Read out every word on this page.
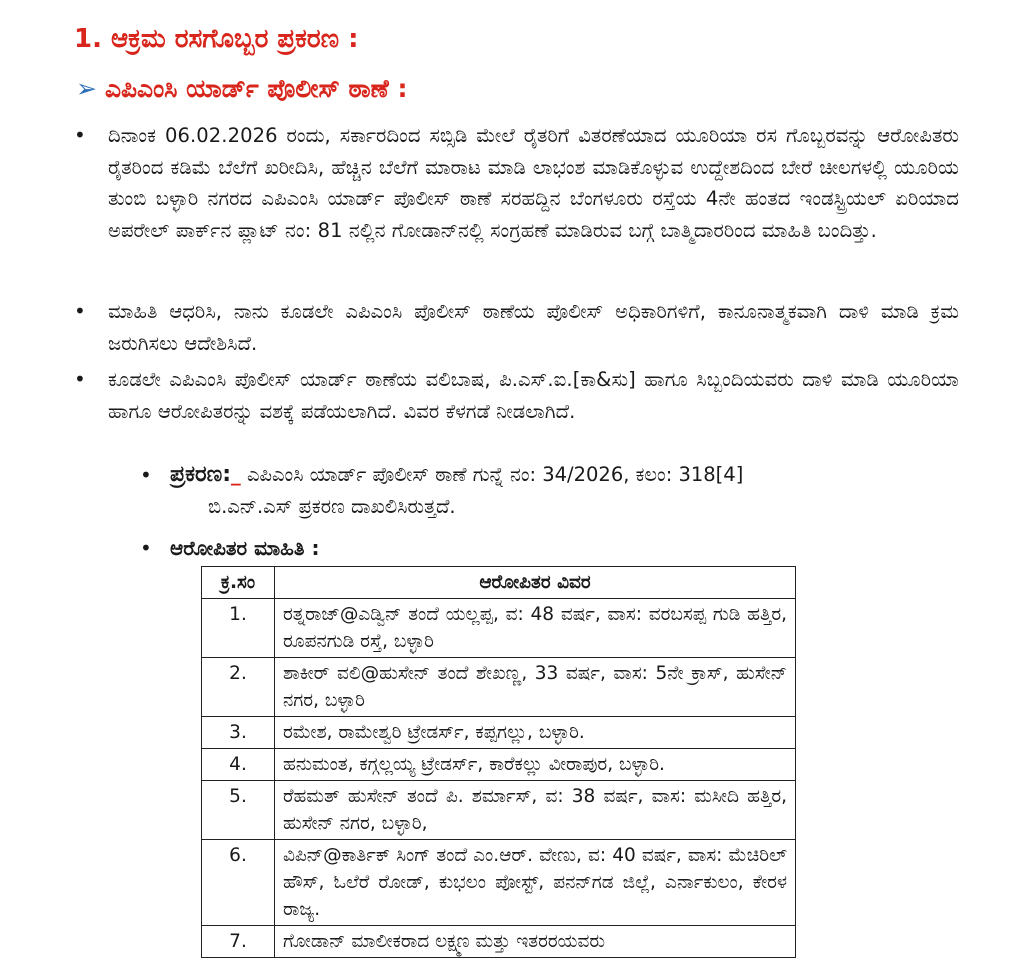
1. ಆಕ್ರಮ ರಸಗೊಬ್ಬರ ಪ್ರಕರಣ :
➢ ಎಪಿಎಂಸಿ ಯಾರ್ಡ್ ಪೊಲೀಸ್ ಠಾಣೆ :
• ದಿನಾಂಕ 06.02.2026 ರಂದು, ಸರ್ಕಾರದಿಂದ ಸಬ್ಸಿಡಿ ಮೇಲೆ ರೈತರಿಗೆ ವಿತರಣೆಯಾದ ಯೂರಿಯಾ ರಸ ಗೊಬ್ಬರವನ್ನು ಆರೋಪಿತರು ರೈತರಿಂದ ಕಡಿಮೆ ಬೆಲೆಗೆ ಖರೀದಿಸಿ, ಹೆಚ್ಚಿನ ಬೆಲೆಗೆ ಮಾರಾಟ ಮಾಡಿ ಲಾಭಂಶ ಮಾಡಿಕೊಳ್ಳುವ ಉದ್ದೇಶದಿಂದ ಬೇರೆ ಚೀಲಗಳಲ್ಲಿ ಯೂರಿಯ ತುಂಬಿ ಬಳ್ಳಾರಿ ನಗರದ ಎಪಿಎಂಸಿ ಯಾರ್ಡ್ ಪೊಲೀಸ್ ಠಾಣೆ ಸರಹದ್ದಿನ ಬೆಂಗಳೂರು ರಸ್ತೆಯ 4ನೇ ಹಂತದ ಇಂಡಸ್ಟ್ರಿಯಲ್ ಏರಿಯಾದ ಅಪರೇಲ್ ಪಾರ್ಕ್‌ನ ಪ್ಲಾಟ್ ನಂ: 81 ನಲ್ಲಿನ ಗೋಡಾನ್‌ನಲ್ಲಿ ಸಂಗ್ರಹಣೆ ಮಾಡಿರುವ ಬಗ್ಗೆ ಬಾತ್ಮಿದಾರರಿಂದ ಮಾಹಿತಿ ಬಂದಿತ್ತು.
• ಮಾಹಿತಿ ಆಧರಿಸಿ, ನಾನು ಕೂಡಲೇ ಎಪಿಎಂಸಿ ಪೊಲೀಸ್ ಠಾಣೆಯ ಪೊಲೀಸ್ ಅಧಿಕಾರಿಗಳಿಗೆ, ಕಾನೂನಾತ್ಮಕವಾಗಿ ದಾಳಿ ಮಾಡಿ ಕ್ರಮ ಜರುಗಿಸಲು ಆದೇಶಿಸಿದೆ.
• ಕೂಡಲೇ ಎಪಿಎಂಸಿ ಪೊಲೀಸ್ ಯಾರ್ಡ್ ಠಾಣೆಯ ವಲಿಬಾಷ, ಪಿ.ಎಸ್.ಐ.[ಕಾ&ಸು] ಹಾಗೂ ಸಿಬ್ಬಂದಿಯವರು ದಾಳಿ ಮಾಡಿ ಯೂರಿಯಾ ಹಾಗೂ ಆರೋಪಿತರನ್ನು ವಶಕ್ಕೆ ಪಡೆಯಲಾಗಿದೆ. ವಿವರ ಕೆಳಗಡೆ ನೀಡಲಾಗಿದೆ.
• ಪ್ರಕರಣ:_ ಎಪಿಎಂಸಿ ಯಾರ್ಡ್ ಪೊಲೀಸ್ ಠಾಣೆ ಗುನ್ನೆ ನಂ: 34/2026, ಕಲಂ: 318[4]
ಬಿ.ಎನ್.ಎಸ್ ಪ್ರಕರಣ ದಾಖಲಿಸಿರುತ್ತದೆ.
• ಆರೋಪಿತರ ಮಾಹಿತಿ :
ಕ್ರ.ಸಂ	ಆರೋಪಿತರ ವಿವರ
1.	ರತ್ನರಾಜ್@ಎಡ್ವಿನ್ ತಂದೆ ಯಲ್ಲಪ್ಪ, ವ: 48 ವರ್ಷ, ವಾಸ: ವರಬಸಪ್ಪ ಗುಡಿ ಹತ್ತಿರ, ರೂಪನಗುಡಿ ರಸ್ತೆ, ಬಳ್ಳಾರಿ
2.	ಶಾಕೀರ್ ವಲಿ@ಹುಸೇನ್ ತಂದೆ ಶೇಖಣ್ಣ, 33 ವರ್ಷ, ವಾಸ: 5ನೇ ಕ್ರಾಸ್, ಹುಸೇನ್ ನಗರ, ಬಳ್ಳಾರಿ
3.	ರಮೇಶ, ರಾಮೇಶ್ವರಿ ಟ್ರೇಡರ್ಸ್, ಕಪ್ಪಗಲ್ಲು, ಬಳ್ಳಾರಿ.
4.	ಹನುಮಂತ, ಕಗ್ಗಲ್ಲಯ್ಯ ಟ್ರೇಡರ್ಸ್, ಕಾರೆಕಲ್ಲು ವೀರಾಪುರ, ಬಳ್ಳಾರಿ.
5.	ರೆಹಮತ್ ಹುಸೇನ್ ತಂದೆ ಪಿ. ಶರ್ಮಾಸ್, ವ: 38 ವರ್ಷ, ವಾಸ: ಮಸೀದಿ ಹತ್ತಿರ, ಹುಸೇನ್ ನಗರ, ಬಳ್ಳಾರಿ,
6.	ವಿಪಿನ್@ಕಾರ್ತಿಕ್ ಸಿಂಗ್ ತಂದೆ ಎಂ.ಆರ್. ವೇಣು, ವ: 40 ವರ್ಷ, ವಾಸ: ಮೆಚಿರಿಲ್ ಹೌಸ್, ಓಲೆರೆ ರೋಡ್, ಕುಭಲಂ ಪೋಸ್ಟ್, ಪನನ್‌ಗಡ ಜಿಲ್ಲೆ, ಎರ್ನಾಕುಲಂ, ಕೇರಳ ರಾಜ್ಯ.
7.	ಗೋಡಾನ್ ಮಾಲೀಕರಾದ ಲಕ್ಷ್ಮಣ ಮತ್ತು ಇತರರಯವರು
